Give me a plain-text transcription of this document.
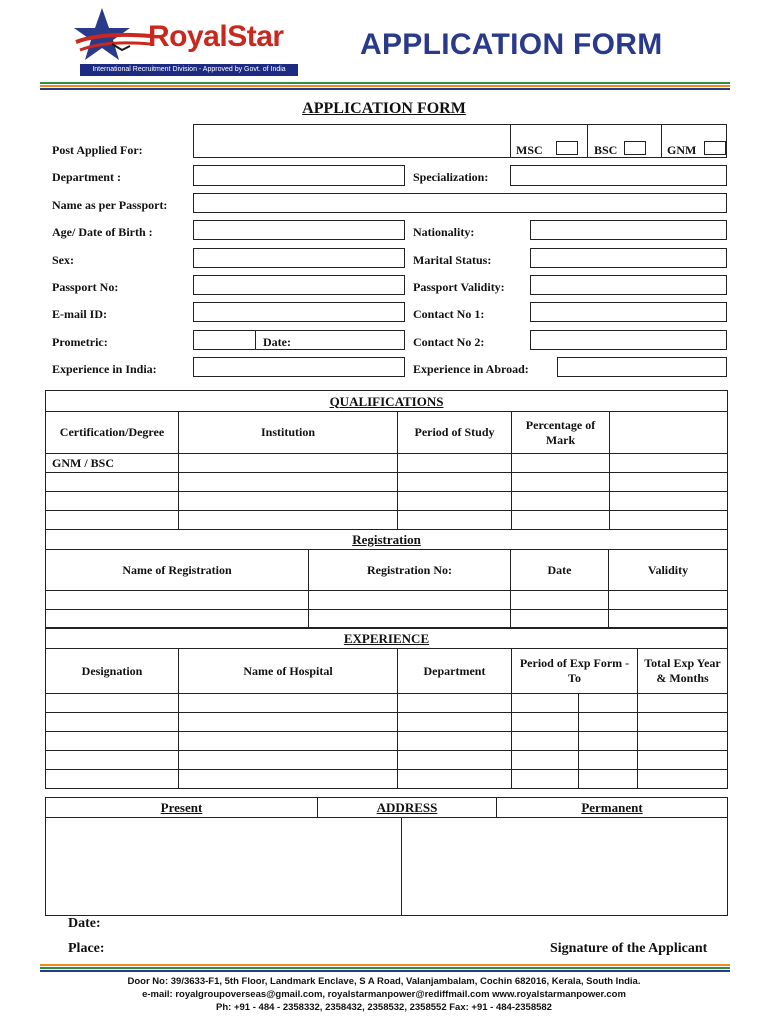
RoyalStar
International Recruitment Division - Approved by Govt. of India
APPLICATION FORM
APPLICATION FORM
Post Applied For:	MSC	BSC	GNM
Department :	Specialization:
Name as per Passport:
Age/ Date of Birth :	Nationality:
Sex:	Marital Status:
Passport No:	Passport Validity:
E-mail ID:	Contact No 1:
Prometric:	Date:	Contact No 2:
Experience in India:	Experience in Abroad:
QUALIFICATIONS				
Certification/Degree	Institution	Period of Study	Percentage of Mark	
GNM / BSC				

Registration			
Name of Registration	Registration No:	Date	Validity

EXPERIENCE					
Designation	Name of Hospital	Department	Period of Exp Form - To		Total Exp Year & Months

Present	ADDRESS		Permanent

Date:
Place:	Signature of the Applicant
Door No: 39/3633-F1, 5th Floor, Landmark Enclave, S A Road, Valanjambalam, Cochin 682016, Kerala, South India.
e-mail: royalgroupoverseas@gmail.com, royalstarmanpower@rediffmail.com www.royalstarmanpower.com
Ph: +91 - 484 - 2358332, 2358432, 2358532, 2358552 Fax: +91 - 484-2358582
